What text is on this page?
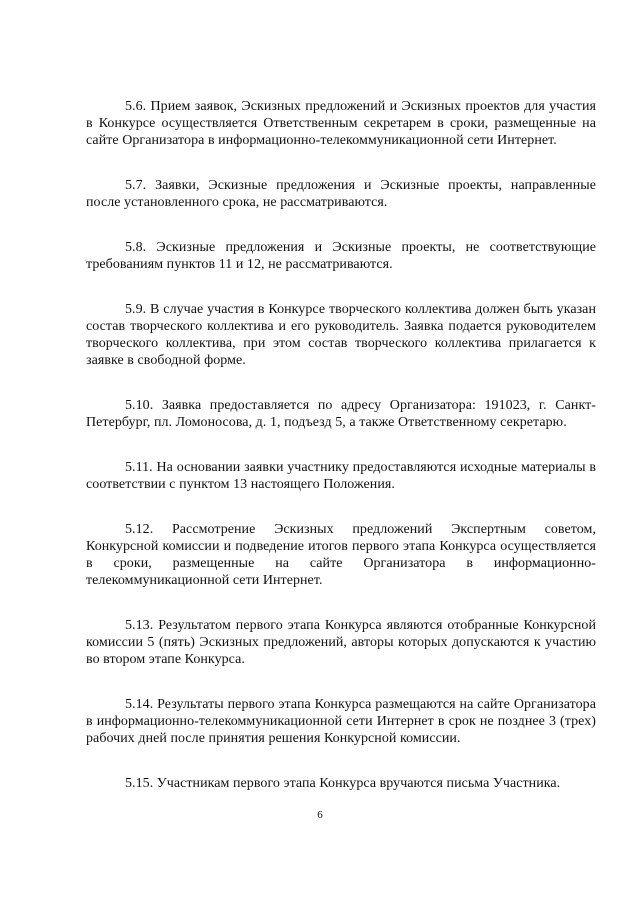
5.6. Прием заявок, Эскизных предложений и Эскизных проектов для участия в Конкурсе осуществляется Ответственным секретарем в сроки, размещенные на сайте Организатора в информационно-телекоммуникационной сети Интернет.

5.7. Заявки, Эскизные предложения и Эскизные проекты, направленные после установленного срока, не рассматриваются.

5.8. Эскизные предложения и Эскизные проекты, не соответствующие требованиям пунктов 11 и 12, не рассматриваются.

5.9. В случае участия в Конкурсе творческого коллектива должен быть указан состав творческого коллектива и его руководитель. Заявка подается руководителем творческого коллектива, при этом состав творческого коллектива прилагается к заявке в свободной форме.

5.10. Заявка предоставляется по адресу Организатора: 191023, г. Санкт-Петербург, пл. Ломоносова, д. 1, подъезд 5, а также Ответственному секретарю.

5.11. На основании заявки участнику предоставляются исходные материалы в соответствии с пунктом 13 настоящего Положения.

5.12. Рассмотрение Эскизных предложений Экспертным советом, Конкурсной комиссии и подведение итогов первого этапа Конкурса осуществляется в сроки, размещенные на сайте Организатора в информационно-телекоммуникационной сети Интернет.

5.13. Результатом первого этапа Конкурса являются отобранные Конкурсной комиссии 5 (пять) Эскизных предложений, авторы которых допускаются к участию во втором этапе Конкурса.

5.14. Результаты первого этапа Конкурса размещаются на сайте Организатора в информационно-телекоммуникационной сети Интернет в срок не позднее 3 (трех) рабочих дней после принятия решения Конкурсной комиссии.

5.15. Участникам первого этапа Конкурса вручаются письма Участника.

6
